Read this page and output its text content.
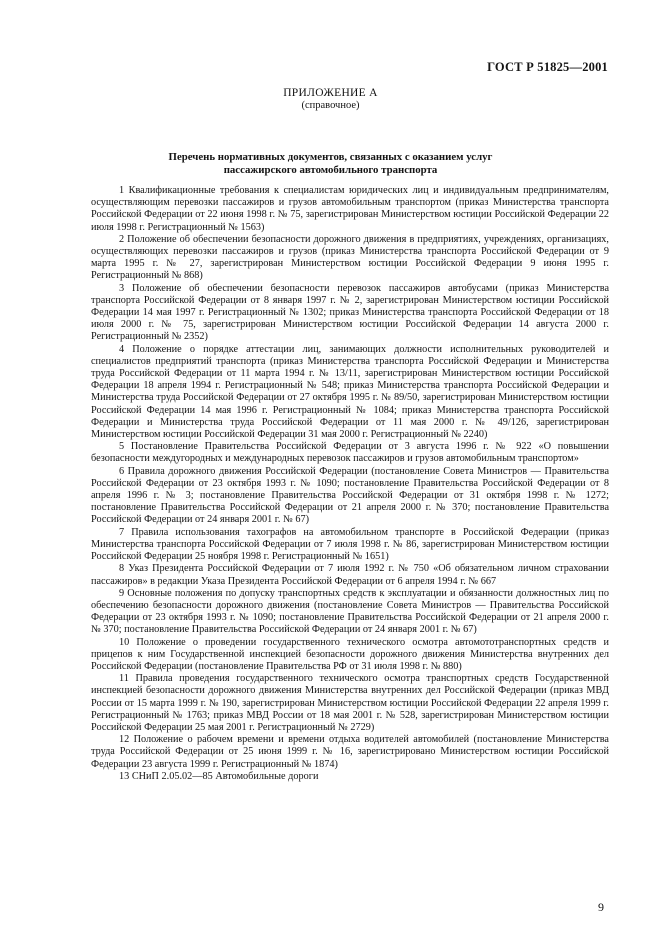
ГОСТ Р 51825—2001
ПРИЛОЖЕНИЕ А
(справочное)
Перечень нормативных документов, связанных с оказанием услуг
пассажирского автомобильного транспорта

1 Квалификационные требования к специалистам юридических лиц и индивидуальным предпринимателям, осуществляющим перевозки пассажиров и грузов автомобильным транспортом (приказ Министерства транспорта Российской Федерации от 22 июня 1998 г. № 75, зарегистрирован Министерством юстиции Российской Федерации 22 июля 1998 г. Регистрационный № 1563)

2 Положение об обеспечении безопасности дорожного движения в предприятиях, учреждениях, организациях, осуществляющих перевозки пассажиров и грузов (приказ Министерства транспорта Российской Федерации от 9 марта 1995 г. № 27, зарегистрирован Министерством юстиции Российской Федерации 9 июня 1995 г. Регистрационный № 868)

3 Положение об обеспечении безопасности перевозок пассажиров автобусами (приказ Министерства транспорта Российской Федерации от 8 января 1997 г. № 2, зарегистрирован Министерством юстиции Российской Федерации 14 мая 1997 г. Регистрационный № 1302; приказ Министерства транспорта Российской Федерации от 18 июля 2000 г. № 75, зарегистрирован Министерством юстиции Российской Федерации 14 августа 2000 г. Регистрационный № 2352)

4 Положение о порядке аттестации лиц, занимающих должности исполнительных руководителей и специалистов предприятий транспорта (приказ Министерства транспорта Российской Федерации и Министерства труда Российской Федерации от 11 марта 1994 г. № 13/11, зарегистрирован Министерством юстиции Российской Федерации 18 апреля 1994 г. Регистрационный № 548; приказ Министерства транспорта Российской Федерации и Министерства труда Российской Федерации от 27 октября 1995 г. № 89/50, зарегистрирован Министерством юстиции Российской Федерации 14 мая 1996 г. Регистрационный № 1084; приказ Министерства транспорта Российской Федерации и Министерства труда Российской Федерации от 11 мая 2000 г. № 49/126, зарегистрирован Министерством юстиции Российской Федерации 31 мая 2000 г. Регистрационный № 2240)

5 Постановление Правительства Российской Федерации от 3 августа 1996 г. № 922 «О повышении безопасности междугородных и международных перевозок пассажиров и грузов автомобильным транспортом»

6 Правила дорожного движения Российской Федерации (постановление Совета Министров — Правительства Российской Федерации от 23 октября 1993 г. № 1090; постановление Правительства Российской Федерации от 8 апреля 1996 г. № 3; постановление Правительства Российской Федерации от 31 октября 1998 г. № 1272; постановление Правительства Российской Федерации от 21 апреля 2000 г. № 370; постановление Правительства Российской Федерации от 24 января 2001 г. № 67)

7 Правила использования тахографов на автомобильном транспорте в Российской Федерации (приказ Министерства транспорта Российской Федерации от 7 июля 1998 г. № 86, зарегистрирован Министерством юстиции Российской Федерации 25 ноября 1998 г. Регистрационный № 1651)

8 Указ Президента Российской Федерации от 7 июля 1992 г. № 750 «Об обязательном личном страховании пассажиров» в редакции Указа Президента Российской Федерации от 6 апреля 1994 г. № 667

9 Основные положения по допуску транспортных средств к эксплуатации и обязанности должностных лиц по обеспечению безопасности дорожного движения (постановление Совета Министров — Правительства Российской Федерации от 23 октября 1993 г. № 1090; постановление Правительства Российской Федерации от 21 апреля 2000 г. № 370; постановление Правительства Российской Федерации от 24 января 2001 г. № 67)

10 Положение о проведении государственного технического осмотра автомототранспортных средств и прицепов к ним Государственной инспекцией безопасности дорожного движения Министерства внутренних дел Российской Федерации (постановление Правительства РФ от 31 июля 1998 г. № 880)

11 Правила проведения государственного технического осмотра транспортных средств Государственной инспекцией безопасности дорожного движения Министерства внутренних дел Российской Федерации (приказ МВД России от 15 марта 1999 г. № 190, зарегистрирован Министерством юстиции Российской Федерации 22 апреля 1999 г. Регистрационный № 1763; приказ МВД России от 18 мая 2001 г. № 528, зарегистрирован Министерством юстиции Российской Федерации 25 мая 2001 г. Регистрационный № 2729)

12 Положение о рабочем времени и времени отдыха водителей автомобилей (постановление Министерства труда Российской Федерации от 25 июня 1999 г. № 16, зарегистрировано Министерством юстиции Российской Федерации 23 августа 1999 г. Регистрационный № 1874)

13 СНиП 2.05.02—85 Автомобильные дороги

9
